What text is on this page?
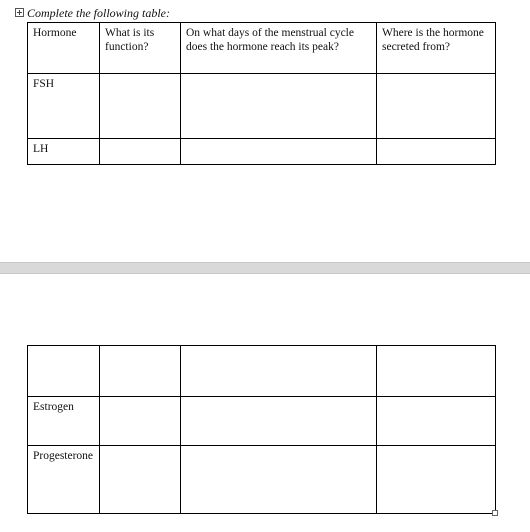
Complete the following table:
Hormone	What is its function?	On what days of the menstrual cycle does the hormone reach its peak?	Where is the hormone secreted from?
FSH			
LH			

Estrogen			
Progesterone			
